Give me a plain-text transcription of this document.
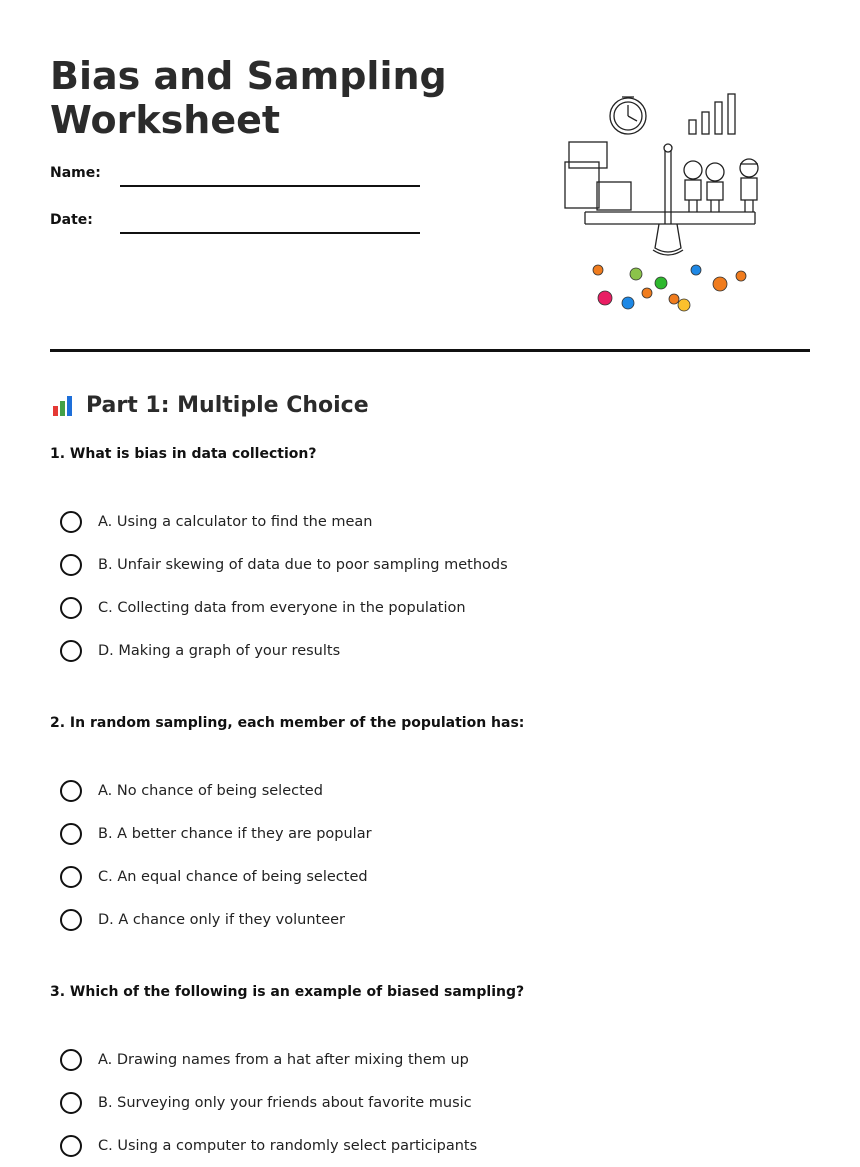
Bias and Sampling
Worksheet
Name:
Date:
Part 1: Multiple Choice

1. What is bias in data collection?

A. Using a calculator to find the mean
B. Unfair skewing of data due to poor sampling methods
C. Collecting data from everyone in the population
D. Making a graph of your results

2. In random sampling, each member of the population has:

A. No chance of being selected
B. A better chance if they are popular
C. An equal chance of being selected
D. A chance only if they volunteer

3. Which of the following is an example of biased sampling?

A. Drawing names from a hat after mixing them up
B. Surveying only your friends about favorite music
C. Using a computer to randomly select participants
